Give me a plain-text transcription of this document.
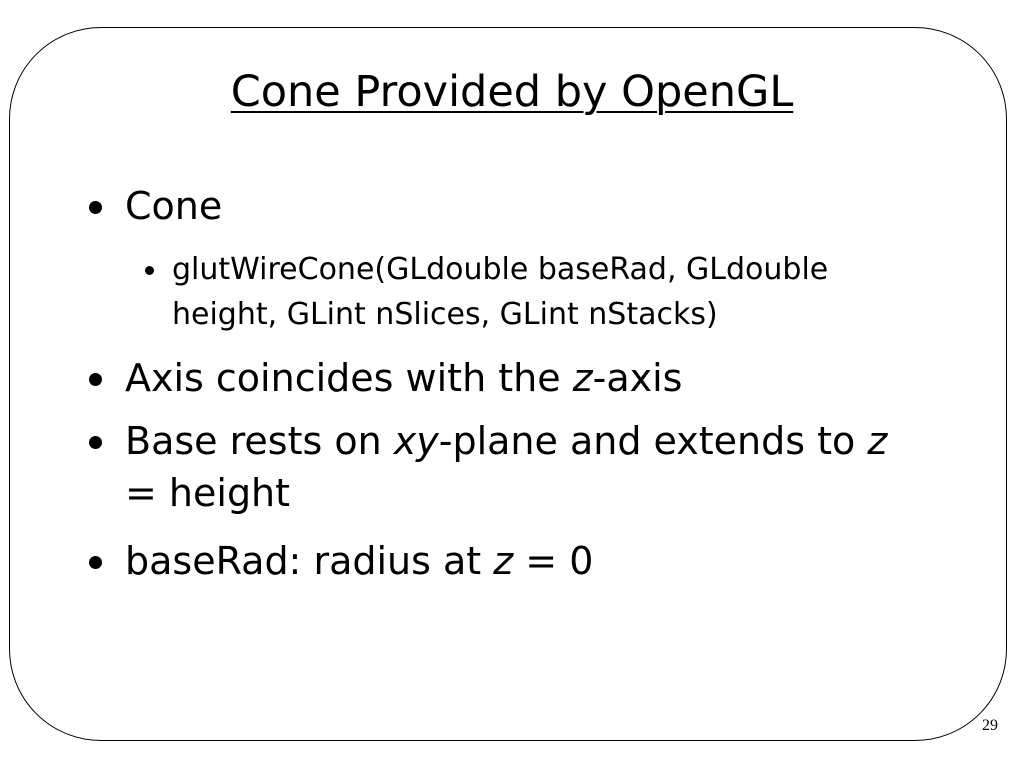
Cone Provided by OpenGL
Cone
glutWireCone(GLdouble baseRad, GLdouble
height, GLint nSlices, GLint nStacks)
Axis coincides with the z-axis
Base rests on xy-plane and extends to z
= height
baseRad: radius at z = 0
29
